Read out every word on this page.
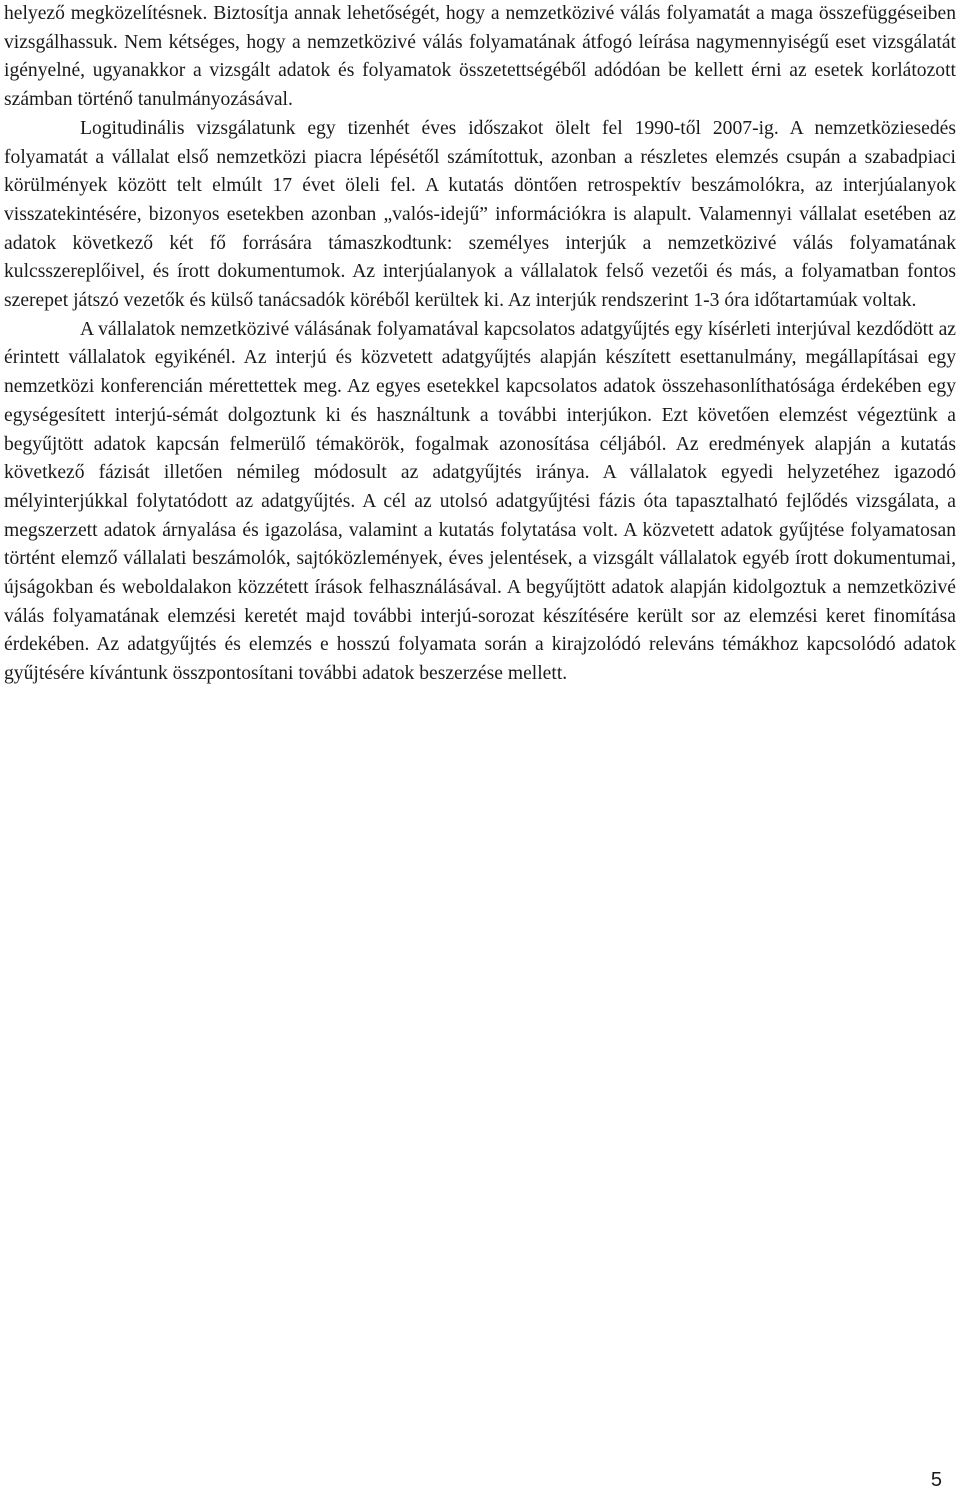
helyező megközelítésnek. Biztosítja annak lehetőségét, hogy a nemzetközivé válás folyamatát a maga összefüggéseiben vizsgálhassuk. Nem kétséges, hogy a nemzetközivé válás folyamatának átfogó leírása nagymennyiségű eset vizsgálatát igényelné, ugyanakkor a vizsgált adatok és folyamatok összetettségéből adódóan be kellett érni az esetek korlátozott számban történő tanulmányozásával.

Logitudinális vizsgálatunk egy tizenhét éves időszakot ölelt fel 1990-től 2007-ig. A nemzetköziesedés folyamatát a vállalat első nemzetközi piacra lépésétől számítottuk, azonban a részletes elemzés csupán a szabadpiaci körülmények között telt elmúlt 17 évet öleli fel. A kutatás döntően retrospektív beszámolókra, az interjúalanyok visszatekintésére, bizonyos esetekben azonban „valós-idejű” információkra is alapult. Valamennyi vállalat esetében az adatok következő két fő forrására támaszkodtunk: személyes interjúk a nemzetközivé válás folyamatának kulcsszereplőivel, és írott dokumentumok. Az interjúalanyok a vállalatok felső vezetői és más, a folyamatban fontos szerepet játszó vezetők és külső tanácsadók köréből kerültek ki. Az interjúk rendszerint 1-3 óra időtartamúak voltak.

A vállalatok nemzetközivé válásának folyamatával kapcsolatos adatgyűjtés egy kísérleti interjúval kezdődött az érintett vállalatok egyikénél. Az interjú és közvetett adatgyűjtés alapján készített esettanulmány, megállapításai egy nemzetközi konferencián mérettettek meg. Az egyes esetekkel kapcsolatos adatok összehasonlíthatósága érdekében egy egységesített interjú-sémát dolgoztunk ki és használtunk a további interjúkon. Ezt követően elemzést végeztünk a begyűjtött adatok kapcsán felmerülő témakörök, fogalmak azonosítása céljából. Az eredmények alapján a kutatás következő fázisát illetően némileg módosult az adatgyűjtés iránya. A vállalatok egyedi helyzetéhez igazodó mélyinterjúkkal folytatódott az adatgyűjtés. A cél az utolsó adatgyűjtési fázis óta tapasztalható fejlődés vizsgálata, a megszerzett adatok árnyalása és igazolása, valamint a kutatás folytatása volt. A közvetett adatok gyűjtése folyamatosan történt elemző vállalati beszámolók, sajtóközlemények, éves jelentések, a vizsgált vállalatok egyéb írott dokumentumai, újságokban és weboldalakon közzétett írások felhasználásával. A begyűjtött adatok alapján kidolgoztuk a nemzetközivé válás folyamatának elemzési keretét majd további interjú-sorozat készítésére került sor az elemzési keret finomítása érdekében. Az adatgyűjtés és elemzés e hosszú folyamata során a kirajzolódó releváns témákhoz kapcsolódó adatok gyűjtésére kívántunk összpontosítani további adatok beszerzése mellett.

5
